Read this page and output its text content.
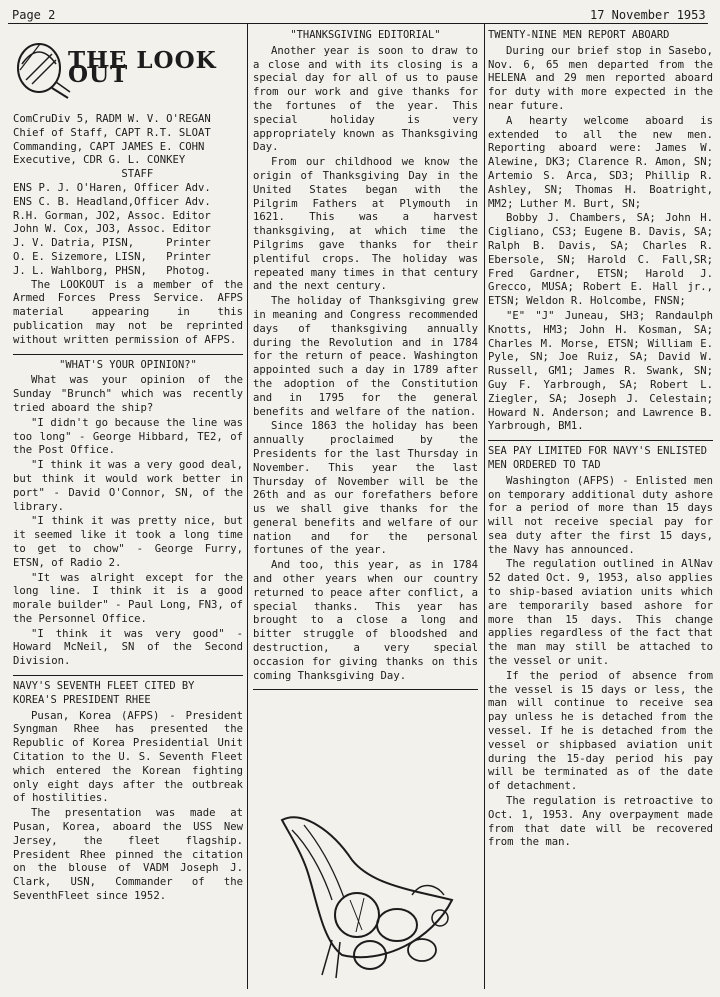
Page 2	17 November 1953
THE LOOK OUT
ComCruDiv 5, RADM W. V. O'REGAN
Chief of Staff, CAPT R.T. SLOAT
Commanding, CAPT JAMES E. COHN
Executive, CDR G. L. CONKEY
STAFF
ENS P. J. O'Haren, Officer Adv.
ENS C. B. Headland,Officer Adv.
R.H. Gorman, JO2, Assoc. Editor
John W. Cox, JO3, Assoc. Editor
J. V. Datria, PISN,     Printer
O. E. Sizemore, LISN,   Printer
J. L. Wahlborg, PHSN,   Photog.

The LOOKOUT is a member of the Armed Forces Press Service. AFPS material appearing in this publication may not be reprinted without written permission of AFPS.

"WHAT'S YOUR OPINION?"

What was your opinion of the Sunday "Brunch" which was recently tried aboard the ship?

"I didn't go because the line was too long" - George Hibbard, TE2, of the Post Office.

"I think it was a very good deal, but think it would work better in port" - David O'Connor, SN, of the library.

"I think it was pretty nice, but it seemed like it took a long time to get to chow" - George Furry, ETSN, of Radio 2.

"It was alright except for the long line. I think it is a good morale builder" - Paul Long, FN3, of the Personnel Office.

"I think it was very good" - Howard McNeil, SN of the Second Division.

NAVY'S SEVENTH FLEET CITED BY KOREA'S PRESIDENT RHEE

Pusan, Korea (AFPS) - President Syngman Rhee has presented the Republic of Korea Presidential Unit Citation to the U. S. Seventh Fleet which entered the Korean fighting only eight days after the outbreak of hostilities.

The presentation was made at Pusan, Korea, aboard the USS New Jersey, the fleet flagship. President Rhee pinned the citation on the blouse of VADM Joseph J. Clark, USN, Commander of the SeventhFleet since 1952.

"THANKSGIVING EDITORIAL"

Another year is soon to draw to a close and with its closing is a special day for all of us to pause from our work and give thanks for the fortunes of the year. This special holiday is very appropriately known as Thanksgiving Day.

From our childhood we know the origin of Thanksgiving Day in the United States began with the Pilgrim Fathers at Plymouth in 1621. This was a harvest thanksgiving, at which time the Pilgrims gave thanks for their plentiful crops. The holiday was repeated many times in that century and the next century.

The holiday of Thanksgiving grew in meaning and Congress recommended days of thanksgiving annually during the Revolution and in 1784 for the return of peace. Washington appointed such a day in 1789 after the adoption of the Constitution and in 1795 for the general benefits and welfare of the nation.

Since 1863 the holiday has been annually proclaimed by the Presidents for the last Thursday in November. This year the last Thursday of November will be the 26th and as our forefathers before us we shall give thanks for the general benefits and welfare of our nation and for the personal fortunes of the year.

And too, this year, as in 1784 and other years when our country returned to peace after conflict, a special thanks. This year has brought to a close a long and bitter struggle of bloodshed and destruction, a very special occasion for giving thanks on this coming Thanksgiving Day.

TWENTY-NINE MEN REPORT ABOARD

During our brief stop in Sasebo, Nov. 6, 65 men departed from the HELENA and 29 men reported aboard for duty with more expected in the near future.

A hearty welcome aboard is extended to all the new men. Reporting aboard were: James W. Alewine, DK3; Clarence R. Amon, SN; Artemio S. Arca, SD3; Phillip R. Ashley, SN; Thomas H. Boatright, MM2; Luther M. Burt, SN;

Bobby J. Chambers, SA; John H. Cigliano, CS3; Eugene B. Davis, SA; Ralph B. Davis, SA; Charles R. Ebersole, SN; Harold C. Fall,SR; Fred Gardner, ETSN; Harold J. Grecco, MUSA; Robert E. Hall jr., ETSN; Weldon R. Holcombe, FNSN;

"E" "J" Juneau, SH3; Randaulph Knotts, HM3; John H. Kosman, SA; Charles M. Morse, ETSN; William E. Pyle, SN; Joe Ruiz, SA; David W. Russell, GM1; James R. Swank, SN; Guy F. Yarbrough, SA; Robert L. Ziegler, SA; Joseph J. Celestain; Howard N. Anderson; and Lawrence B. Yarbrough, BM1.

SEA PAY LIMITED FOR NAVY'S ENLISTED MEN ORDERED TO TAD

Washington (AFPS) - Enlisted men on temporary additional duty ashore for a period of more than 15 days will not receive special pay for sea duty after the first 15 days, the Navy has announced.

The regulation outlined in AlNav 52 dated Oct. 9, 1953, also applies to ship-based aviation units which are temporarily based ashore for more than 15 days. This change applies regardless of the fact that the man may still be attached to the vessel or unit.

If the period of absence from the vessel is 15 days or less, the man will continue to receive sea pay unless he is detached from the vessel. If he is detached from the vessel or shipbased aviation unit during the 15-day period his pay will be terminated as of the date of detachment.

The regulation is retroactive to Oct. 1, 1953. Any overpayment made from that date will be recovered from the man.
